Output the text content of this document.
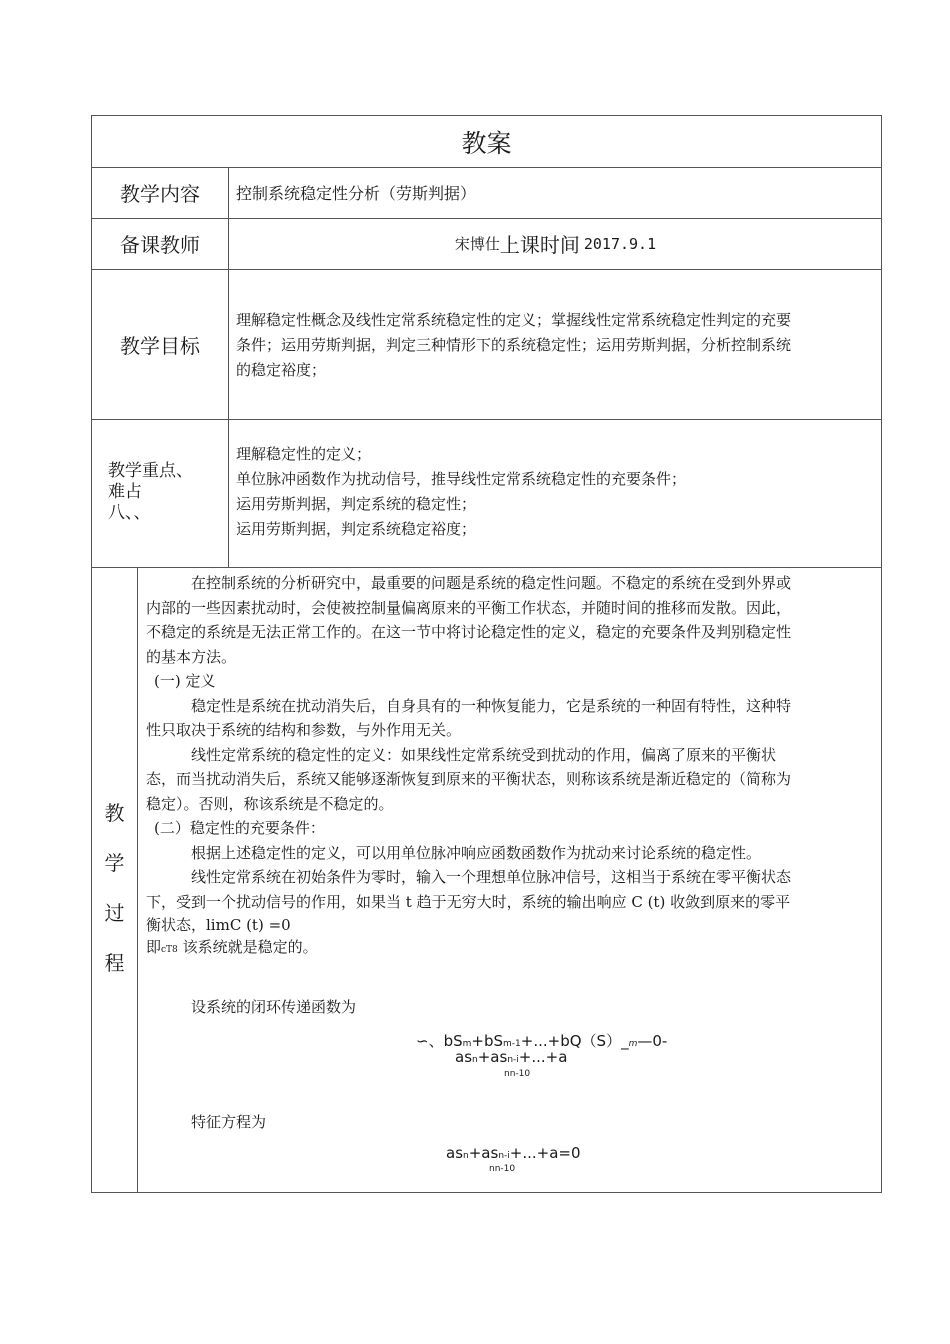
教案
教学内容	控制系统稳定性分析（劳斯判据）
备课教师	宋博仕 上课时间 2017.9.1
教学目标

理解稳定性概念及线性定常系统稳定性的定义；掌握线性定常系统稳定性判定的充要

条件；运用劳斯判据，判定三种情形下的系统稳定性；运用劳斯判据，分析控制系统

的稳定裕度；

教学重点、
难占
八、、

理解稳定性的定义；

单位脉冲函数作为扰动信号，推导线性定常系统稳定性的充要条件；

运用劳斯判据，判定系统的稳定性；

运用劳斯判据，判定系统稳定裕度；

教
学
过
程

在控制系统的分析研究中，最重要的问题是系统的稳定性问题。不稳定的系统在受到外界或

内部的一些因素扰动时，会使被控制量偏离原来的平衡工作状态，并随时间的推移而发散。因此，

不稳定的系统是无法正常工作的。在这一节中将讨论稳定性的定义，稳定的充要条件及判别稳定性

的基本方法。

(一) 定义

稳定性是系统在扰动消失后，自身具有的一种恢复能力，它是系统的一种固有特性，这种特

性只取决于系统的结构和参数，与外作用无关。

线性定常系统的稳定性的定义：如果线性定常系统受到扰动的作用，偏离了原来的平衡状

态，而当扰动消失后，系统又能够逐渐恢复到原来的平衡状态，则称该系统是渐近稳定的（简称为

稳定）。否则，称该系统是不稳定的。

(二）稳定性的充要条件：

根据上述稳定性的定义，可以用单位脉冲响应函数函数作为扰动来讨论系统的稳定性。

线性定常系统在初始条件为零时，输入一个理想单位脉冲信号，这相当于系统在零平衡状态

下，受到一个扰动信号的作用，如果当 t 趋于无穷大时，系统的输出响应 C (t) 收敛到原来的零平

衡状态，limC (t) =0

即cT8 该系统就是稳定的。

设系统的闭环传递函数为

∽、bSm+bSm-1+...+bQ（S）_m—0-
asn+asn-i+...+a
nn-10

特征方程为

asn+asn-i+...+a=0
nn-10
